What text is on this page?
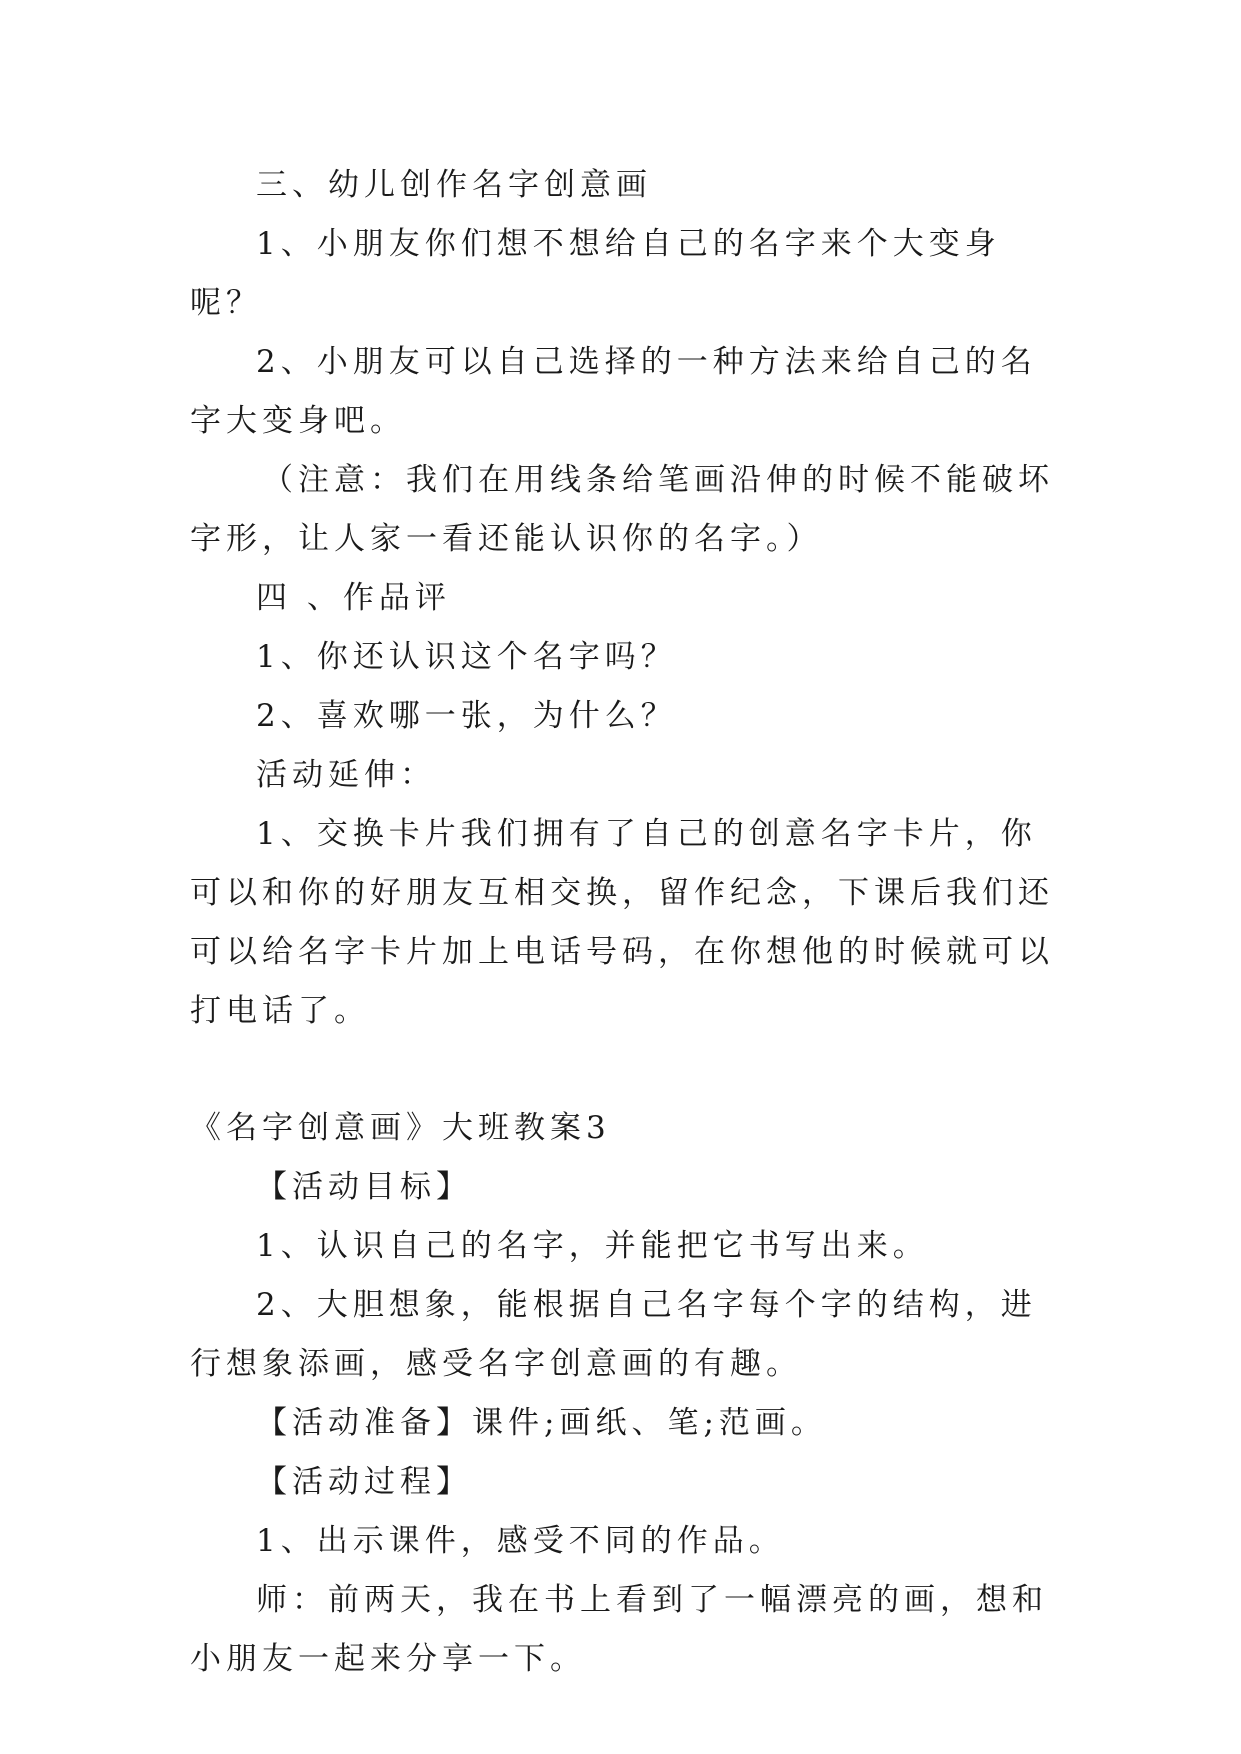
三、幼儿创作名字创意画

1、小朋友你们想不想给自己的名字来个大变身呢？

2、小朋友可以自己选择的一种方法来给自己的名字大变身吧。

（注意：我们在用线条给笔画沿伸的时候不能破坏字形，让人家一看还能认识你的名字。）

四 、作品评

1、你还认识这个名字吗？

2、喜欢哪一张，为什么？

活动延伸：

1、交换卡片我们拥有了自己的创意名字卡片，你可以和你的好朋友互相交换，留作纪念，下课后我们还可以给名字卡片加上电话号码，在你想他的时候就可以打电话了。

《名字创意画》大班教案3

【活动目标】

1、认识自己的名字，并能把它书写出来。

2、大胆想象，能根据自己名字每个字的结构，进行想象添画，感受名字创意画的有趣。

【活动准备】课件;画纸、笔;范画。

【活动过程】

1、出示课件，感受不同的作品。

师：前两天，我在书上看到了一幅漂亮的画，想和小朋友一起来分享一下。
